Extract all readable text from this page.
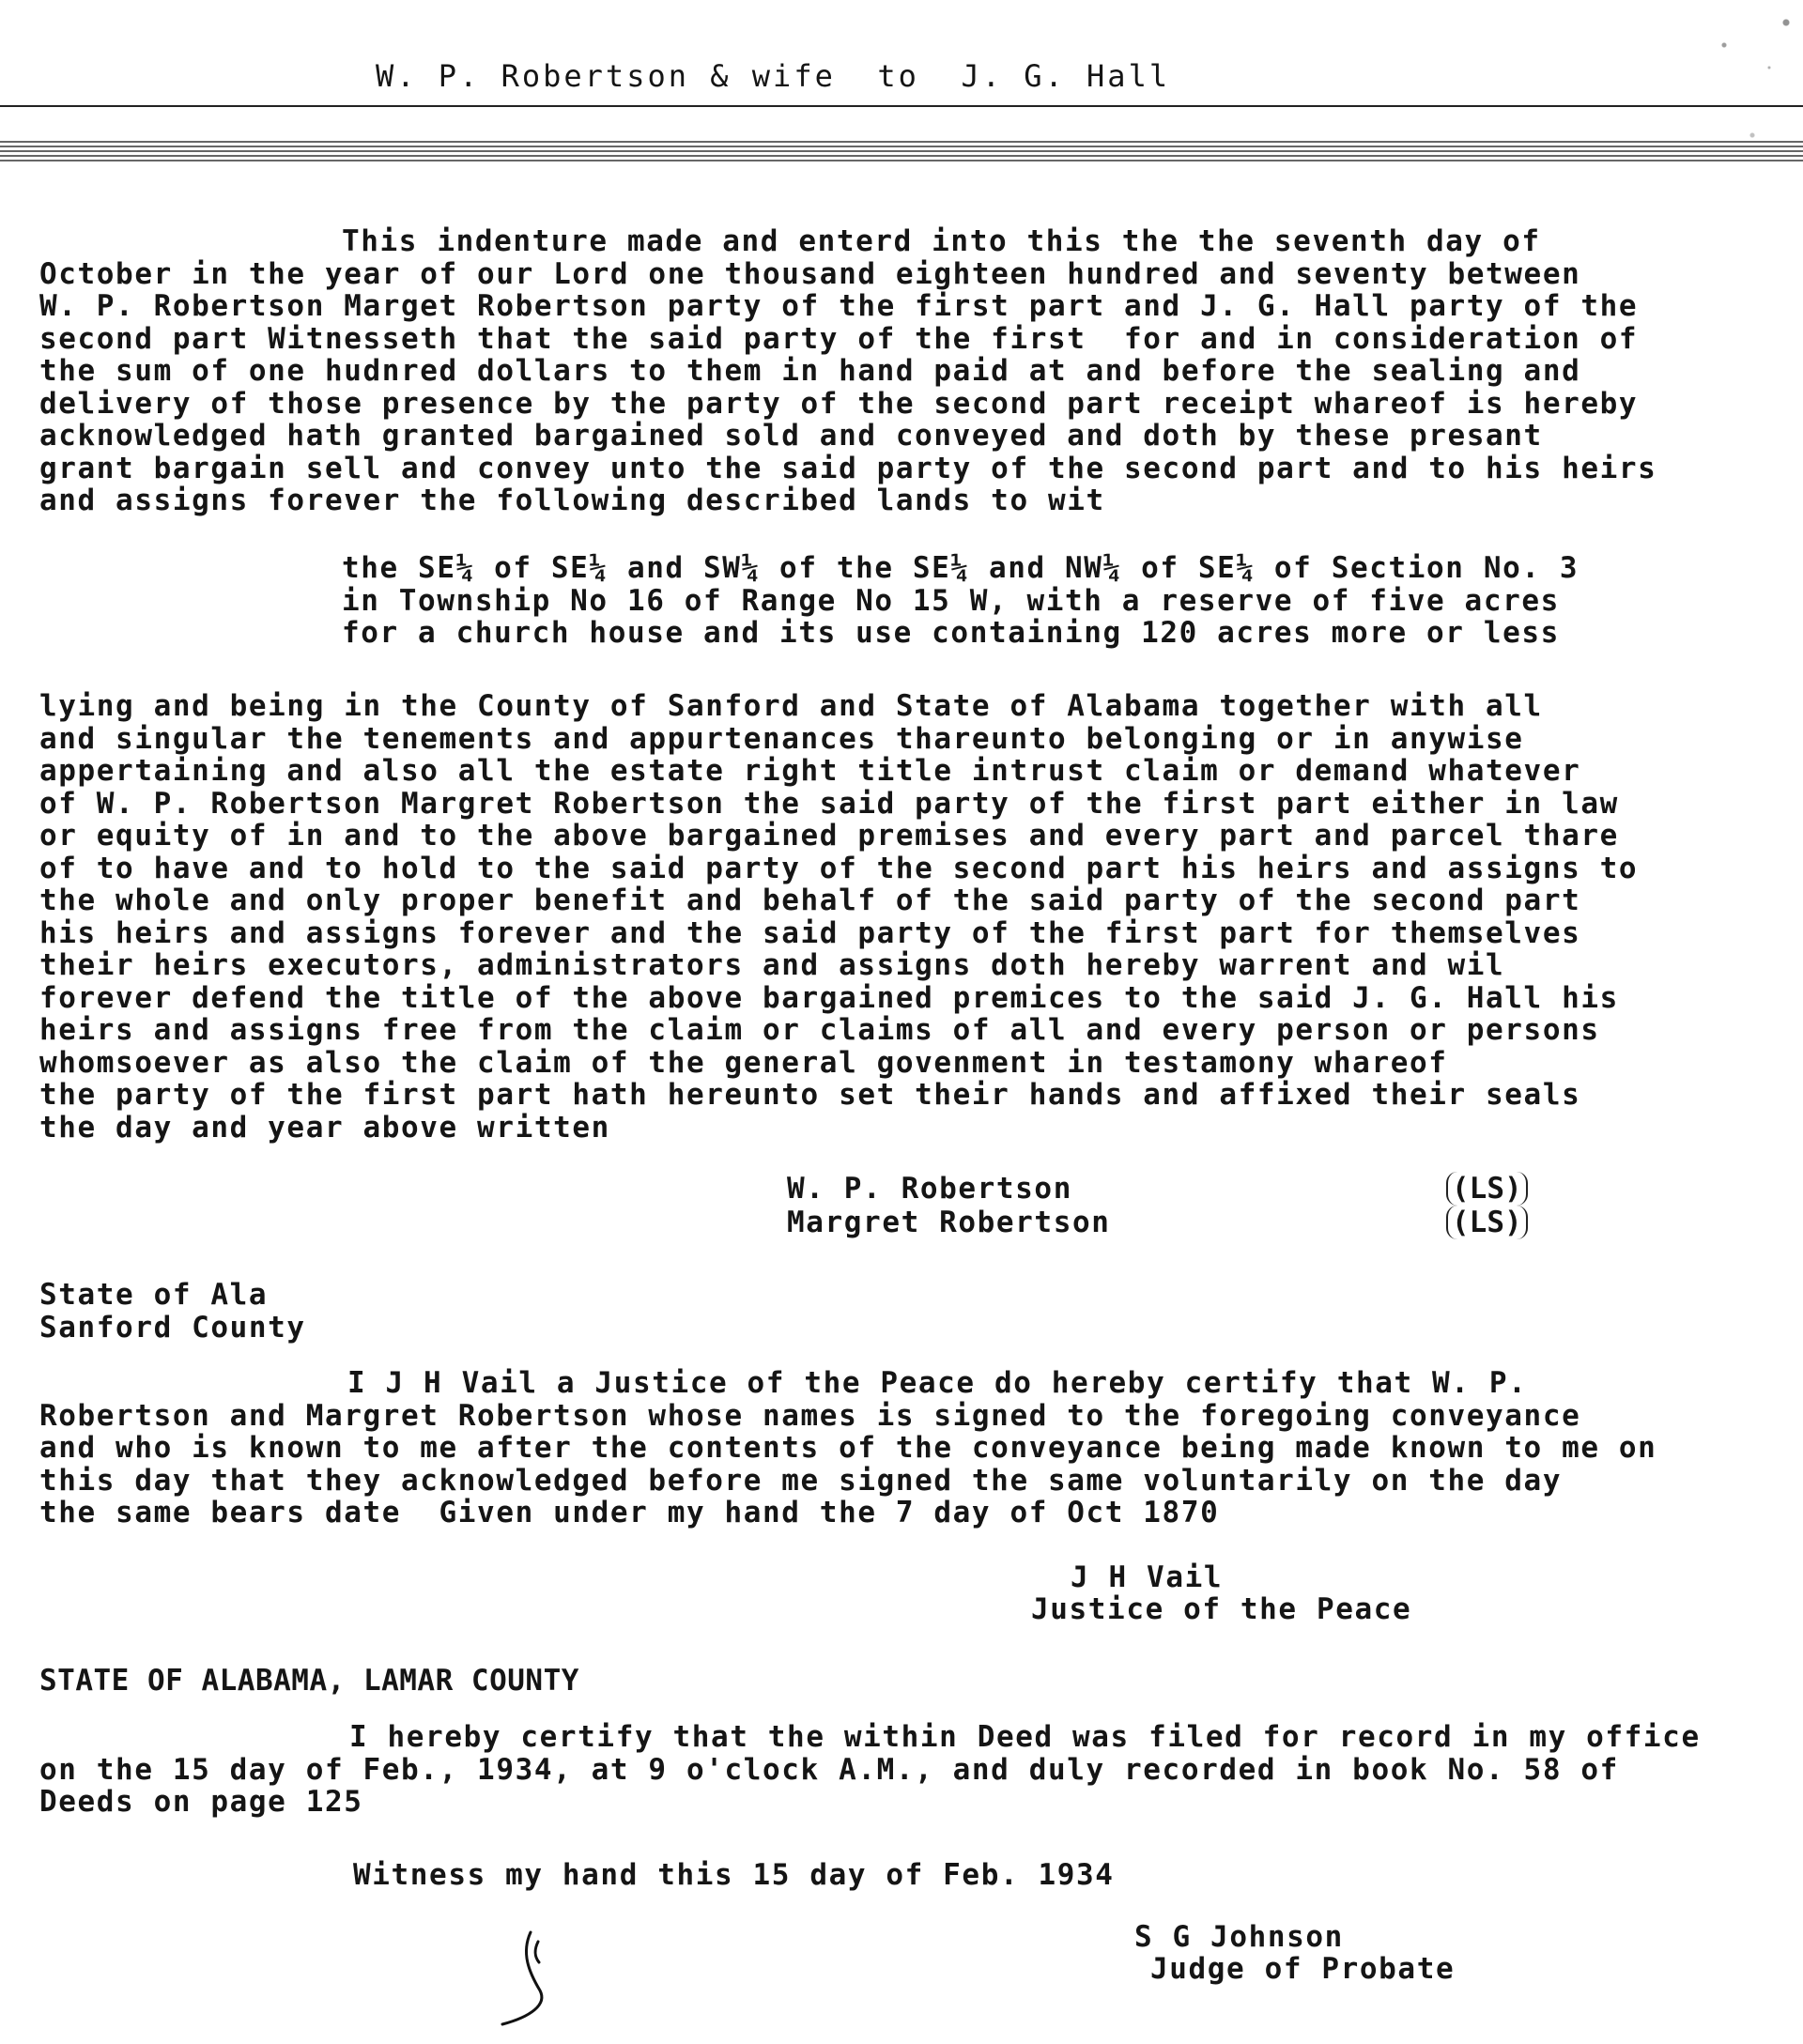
W. P. Robertson & wife  to  J. G. Hall
This indenture made and enterd into this the the seventh day of
October in the year of our Lord one thousand eighteen hundred and seventy between
W. P. Robertson Marget Robertson party of the first part and J. G. Hall party of the
second part Witnesseth that the said party of the first  for and in consideration of
the sum of one hudnred dollars to them in hand paid at and before the sealing and
delivery of those presence by the party of the second part receipt whareof is hereby
acknowledged hath granted bargained sold and conveyed and doth by these presant
grant bargain sell and convey unto the said party of the second part and to his heirs
and assigns forever the following described lands to wit
the SE¼ of SE¼ and SW¼ of the SE¼ and NW¼ of SE¼ of Section No. 3
in Township No 16 of Range No 15 W, with a reserve of five acres
for a church house and its use containing 120 acres more or less
lying and being in the County of Sanford and State of Alabama together with all
and singular the tenements and appurtenances thareunto belonging or in anywise
appertaining and also all the estate right title intrust claim or demand whatever
of W. P. Robertson Margret Robertson the said party of the first part either in law
or equity of in and to the above bargained premises and every part and parcel thare
of to have and to hold to the said party of the second part his heirs and assigns to
the whole and only proper benefit and behalf of the said party of the second part
his heirs and assigns forever and the said party of the first part for themselves
their heirs executors, administrators and assigns doth hereby warrent and wil
forever defend the title of the above bargained premices to the said J. G. Hall his
heirs and assigns free from the claim or claims of all and every person or persons
whomsoever as also the claim of the general govenment in testamony whareof
the party of the first part hath hereunto set their hands and affixed their seals
the day and year above written
W. P. Robertson
Margret Robertson
(LS)
(LS)
State of Ala
Sanford County
I J H Vail a Justice of the Peace do hereby certify that W. P.
Robertson and Margret Robertson whose names is signed to the foregoing conveyance
and who is known to me after the contents of the conveyance being made known to me on
this day that they acknowledged before me signed the same voluntarily on the day
the same bears date  Given under my hand the 7 day of Oct 1870
J H Vail
Justice of the Peace
STATE OF ALABAMA, LAMAR COUNTY
I hereby certify that the within Deed was filed for record in my office
on the 15 day of Feb., 1934, at 9 o'clock A.M., and duly recorded in book No. 58 of
Deeds on page 125
Witness my hand this 15 day of Feb. 1934
S G Johnson
Judge of Probate
